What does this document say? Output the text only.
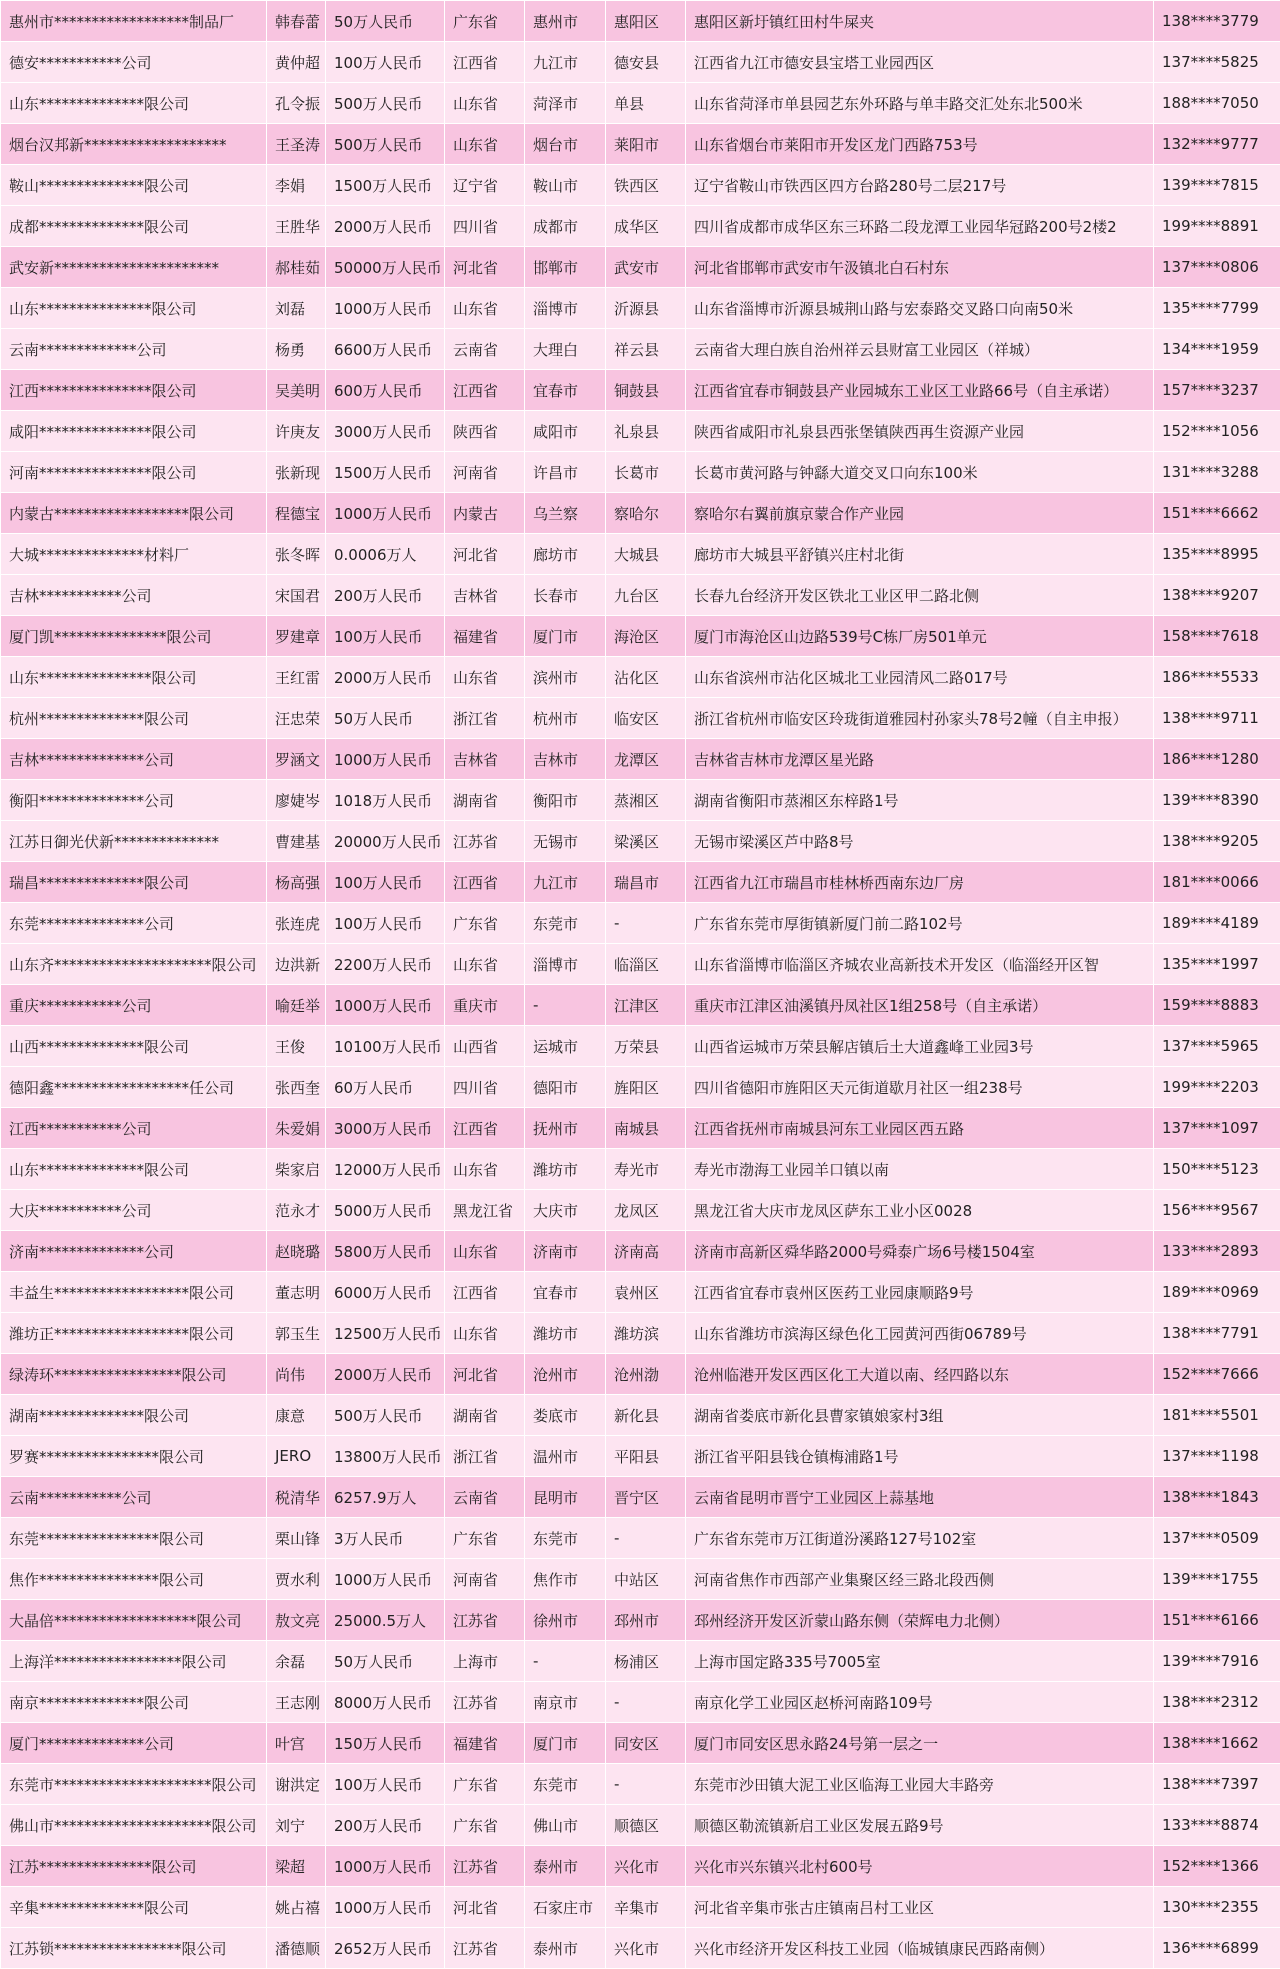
惠州市******************制品厂	韩春蕾	50万人民币	广东省	惠州市	惠阳区	惠阳区新圩镇红田村牛屎夹	138****3779
德安***********公司	黄仲超	100万人民币	江西省	九江市	德安县	江西省九江市德安县宝塔工业园西区	137****5825
山东**************限公司	孔令振	500万人民币	山东省	菏泽市	单县	山东省菏泽市单县园艺东外环路与单丰路交汇处东北500米	188****7050
烟台汉邦新*******************	王圣涛	500万人民币	山东省	烟台市	莱阳市	山东省烟台市莱阳市开发区龙门西路753号	132****9777
鞍山**************限公司	李娟	1500万人民币	辽宁省	鞍山市	铁西区	辽宁省鞍山市铁西区四方台路280号二层217号	139****7815
成都**************限公司	王胜华	2000万人民币	四川省	成都市	成华区	四川省成都市成华区东三环路二段龙潭工业园华冠路200号2楼2	199****8891
武安新**********************	郝桂茹	50000万人民币	河北省	邯郸市	武安市	河北省邯郸市武安市午汲镇北白石村东	137****0806
山东***************限公司	刘磊	1000万人民币	山东省	淄博市	沂源县	山东省淄博市沂源县城荆山路与宏泰路交叉路口向南50米	135****7799
云南*************公司	杨勇	6600万人民币	云南省	大理白	祥云县	云南省大理白族自治州祥云县财富工业园区（祥城）	134****1959
江西***************限公司	吴美明	600万人民币	江西省	宜春市	铜鼓县	江西省宜春市铜鼓县产业园城东工业区工业路66号（自主承诺）	157****3237
咸阳***************限公司	许庚友	3000万人民币	陕西省	咸阳市	礼泉县	陕西省咸阳市礼泉县西张堡镇陕西再生资源产业园	152****1056
河南***************限公司	张新现	1500万人民币	河南省	许昌市	长葛市	长葛市黄河路与钟繇大道交叉口向东100米	131****3288
内蒙古******************限公司	程德宝	1000万人民币	内蒙古	乌兰察	察哈尔	察哈尔右翼前旗京蒙合作产业园	151****6662
大城**************材料厂	张冬晖	0.0006万人	河北省	廊坊市	大城县	廊坊市大城县平舒镇兴庄村北街	135****8995
吉林***********公司	宋国君	200万人民币	吉林省	长春市	九台区	长春九台经济开发区铁北工业区甲二路北侧	138****9207
厦门凯***************限公司	罗建章	100万人民币	福建省	厦门市	海沧区	厦门市海沧区山边路539号C栋厂房501单元	158****7618
山东***************限公司	王红雷	2000万人民币	山东省	滨州市	沾化区	山东省滨州市沾化区城北工业园清风二路017号	186****5533
杭州**************限公司	汪忠荣	50万人民币	浙江省	杭州市	临安区	浙江省杭州市临安区玲珑街道雅园村孙家头78号2幢（自主申报）	138****9711
吉林**************公司	罗涵文	1000万人民币	吉林省	吉林市	龙潭区	吉林省吉林市龙潭区星光路	186****1280
衡阳**************公司	廖婕岑	1018万人民币	湖南省	衡阳市	蒸湘区	湖南省衡阳市蒸湘区东梓路1号	139****8390
江苏日御光伏新**************	曹建基	20000万人民币	江苏省	无锡市	梁溪区	无锡市梁溪区芦中路8号	138****9205
瑞昌**************限公司	杨高强	100万人民币	江西省	九江市	瑞昌市	江西省九江市瑞昌市桂林桥西南东边厂房	181****0066
东莞**************公司	张连虎	100万人民币	广东省	东莞市	-	广东省东莞市厚街镇新厦门前二路102号	189****4189
山东齐*********************限公司	边洪新	2200万人民币	山东省	淄博市	临淄区	山东省淄博市临淄区齐城农业高新技术开发区（临淄经开区智	135****1997
重庆***********公司	喻廷举	1000万人民币	重庆市	-	江津区	重庆市江津区油溪镇丹凤社区1组258号（自主承诺）	159****8883
山西**************限公司	王俊	10100万人民币	山西省	运城市	万荣县	山西省运城市万荣县解店镇后土大道鑫峰工业园3号	137****5965
德阳鑫******************任公司	张西奎	60万人民币	四川省	德阳市	旌阳区	四川省德阳市旌阳区天元街道歇月社区一组238号	199****2203
江西***********公司	朱爱娟	3000万人民币	江西省	抚州市	南城县	江西省抚州市南城县河东工业园区西五路	137****1097
山东**************限公司	柴家启	12000万人民币	山东省	潍坊市	寿光市	寿光市渤海工业园羊口镇以南	150****5123
大庆***********公司	范永才	5000万人民币	黑龙江省	大庆市	龙凤区	黑龙江省大庆市龙凤区萨东工业小区0028	156****9567
济南**************公司	赵晓璐	5800万人民币	山东省	济南市	济南高	济南市高新区舜华路2000号舜泰广场6号楼1504室	133****2893
丰益生******************限公司	董志明	6000万人民币	江西省	宜春市	袁州区	江西省宜春市袁州区医药工业园康顺路9号	189****0969
潍坊正******************限公司	郭玉生	12500万人民币	山东省	潍坊市	潍坊滨	山东省潍坊市滨海区绿色化工园黄河西街06789号	138****7791
绿涛环*****************限公司	尚伟	2000万人民币	河北省	沧州市	沧州渤	沧州临港开发区西区化工大道以南、经四路以东	152****7666
湖南**************限公司	康意	500万人民币	湖南省	娄底市	新化县	湖南省娄底市新化县曹家镇娘家村3组	181****5501
罗赛****************限公司	JERO	13800万人民币	浙江省	温州市	平阳县	浙江省平阳县钱仓镇梅浦路1号	137****1198
云南***********公司	税清华	6257.9万人	云南省	昆明市	晋宁区	云南省昆明市晋宁工业园区上蒜基地	138****1843
东莞****************限公司	栗山锋	3万人民币	广东省	东莞市	-	广东省东莞市万江街道汾溪路127号102室	137****0509
焦作****************限公司	贾水利	1000万人民币	河南省	焦作市	中站区	河南省焦作市西部产业集聚区经三路北段西侧	139****1755
大晶倍*******************限公司	敖文亮	25000.5万人	江苏省	徐州市	邳州市	邳州经济开发区沂蒙山路东侧（荣辉电力北侧）	151****6166
上海洋*****************限公司	余磊	50万人民币	上海市	-	杨浦区	上海市国定路335号7005室	139****7916
南京**************限公司	王志刚	8000万人民币	江苏省	南京市	-	南京化学工业园区赵桥河南路109号	138****2312
厦门**************公司	叶宫	150万人民币	福建省	厦门市	同安区	厦门市同安区思永路24号第一层之一	138****1662
东莞市*********************限公司	谢洪定	100万人民币	广东省	东莞市	-	东莞市沙田镇大泥工业区临海工业园大丰路旁	138****7397
佛山市*********************限公司	刘宁	200万人民币	广东省	佛山市	顺德区	顺德区勒流镇新启工业区发展五路9号	133****8874
江苏***************限公司	梁超	1000万人民币	江苏省	泰州市	兴化市	兴化市兴东镇兴北村600号	152****1366
辛集**************限公司	姚占禧	1000万人民币	河北省	石家庄市	辛集市	河北省辛集市张古庄镇南吕村工业区	130****2355
江苏锁*****************限公司	潘德顺	2652万人民币	江苏省	泰州市	兴化市	兴化市经济开发区科技工业园（临城镇康民西路南侧）	136****6899
